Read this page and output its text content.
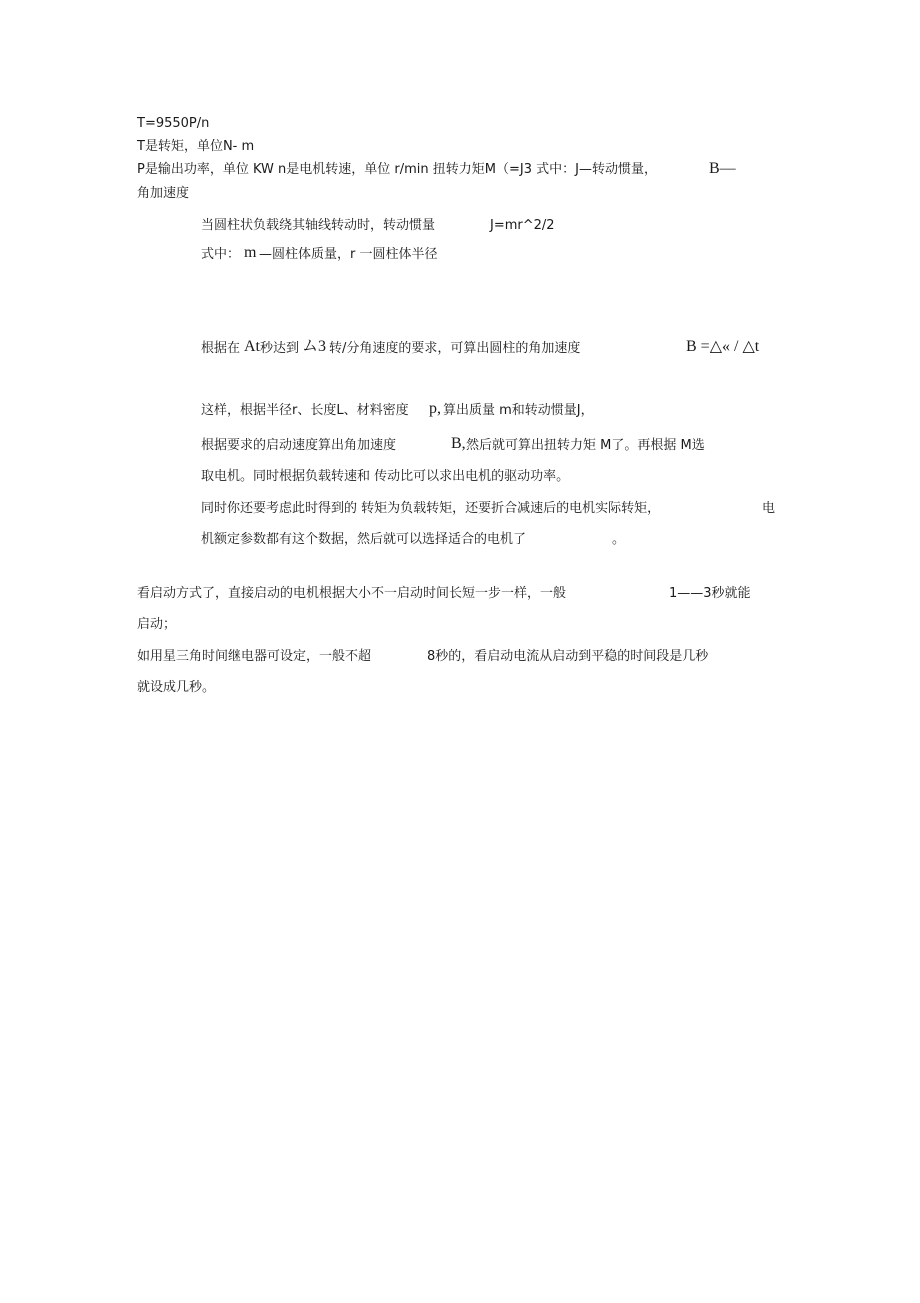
T=9550P/n
T是转矩，单位N- m
P是输出功率，单位 KW n是电机转速，单位 r/min 扭转力矩M（=J3 式中：J—转动惯量，	B—
角加速度
当圆柱状负载绕其轴线转动时，转动惯量	J=mr^2/2
式中： m —圆柱体质量，r 一圆柱体半径
根据在 At 秒达到 ム3 转/分角速度的要求，可算出圆柱的角加速度	B =△« / △t
这样，根据半径r、长度L、材料密度 p, 算出质量 m和转动惯量J，
根据要求的启动速度算出角加速度	B, 然后就可算出扭转力矩 M了。再根据 M选
取电机。同时根据负载转速和 传动比可以求出电机的驱动功率。
同时你还要考虑此时得到的 转矩为负载转矩，还要折合减速后的电机实际转矩，	电
机额定参数都有这个数据，然后就可以选择适合的电机了	。
看启动方式了，直接启动的电机根据大小不一启动时间长短一步一样，一般	1——3秒就能
启动；
如用星三角时间继电器可设定，一般不超	8秒的，看启动电流从启动到平稳的时间段是几秒
就设成几秒。
